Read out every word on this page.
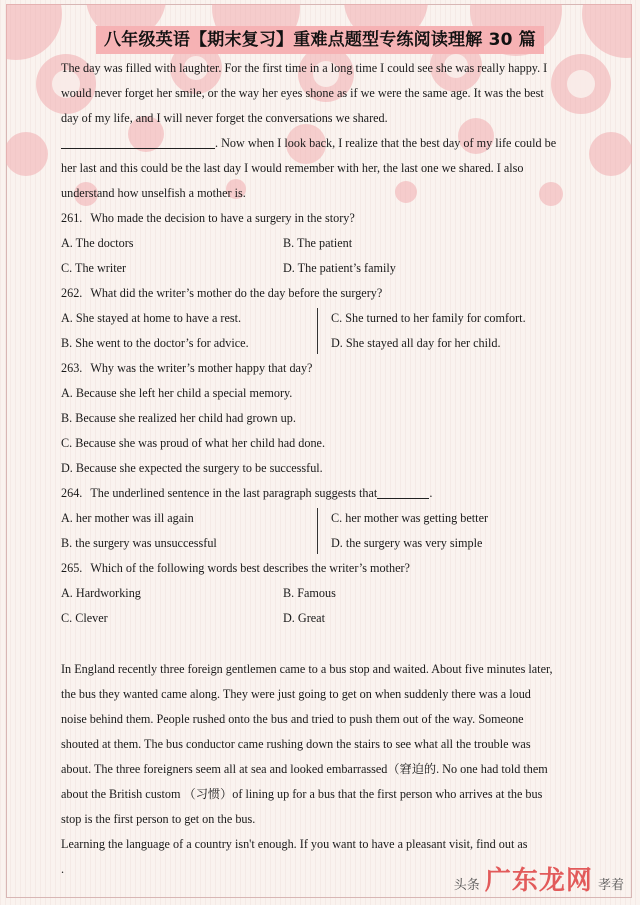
八年级英语【期末复习】重难点题型专练阅读理解 30 篇
The day was filled with laughter. For the first time in a long time I could see she was really happy. I
would never forget her smile, or the way her eyes shone as if we were the same age. It was the best
day of my life, and I will never forget the conversations we shared.
. Now when I look back, I realize that the best day of my life could be
her last and this could be the last day I would remember with her, the last one we shared. I also
understand how unselfish a mother is.
261. Who made the decision to have a surgery in the story?
A. The doctors	B. The patient
C. The writer	D. The patient’s family
262. What did the writer’s mother do the day before the surgery?
A. She stayed at home to have a rest.	C. She turned to her family for comfort.
B. She went to the doctor’s for advice.	D. She stayed all day for her child.
263. Why was the writer’s mother happy that day?
A. Because she left her child a special memory.
B. Because she realized her child had grown up.
C. Because she was proud of what her child had done.
D. Because she expected the surgery to be successful.
264. The underlined sentence in the last paragraph suggests that	.
A. her mother was ill again	C. her mother was getting better
B. the surgery was unsuccessful	D. the surgery was very simple
265. Which of the following words best describes the writer’s mother?
A. Hardworking	B. Famous
C. Clever	D. Great
In England recently three foreign gentlemen came to a bus stop and waited. About five minutes later,
the bus they wanted came along. They were just going to get on when suddenly there was a loud
noise behind them. People rushed onto the bus and tried to push them out of the way. Someone
shouted at them. The bus conductor came rushing down the stairs to see what all the trouble was
about. The three foreigners seem all at sea and looked embarrassed（窘迫的. No one had told them
about the British custom （习惯）of lining up for a bus that the first person who arrives at the bus
stop is the first person to get on the bus.
Learning the language of a country isn't enough. If you want to have a pleasant visit, find out as
.
头条 广东龙网 孝着
